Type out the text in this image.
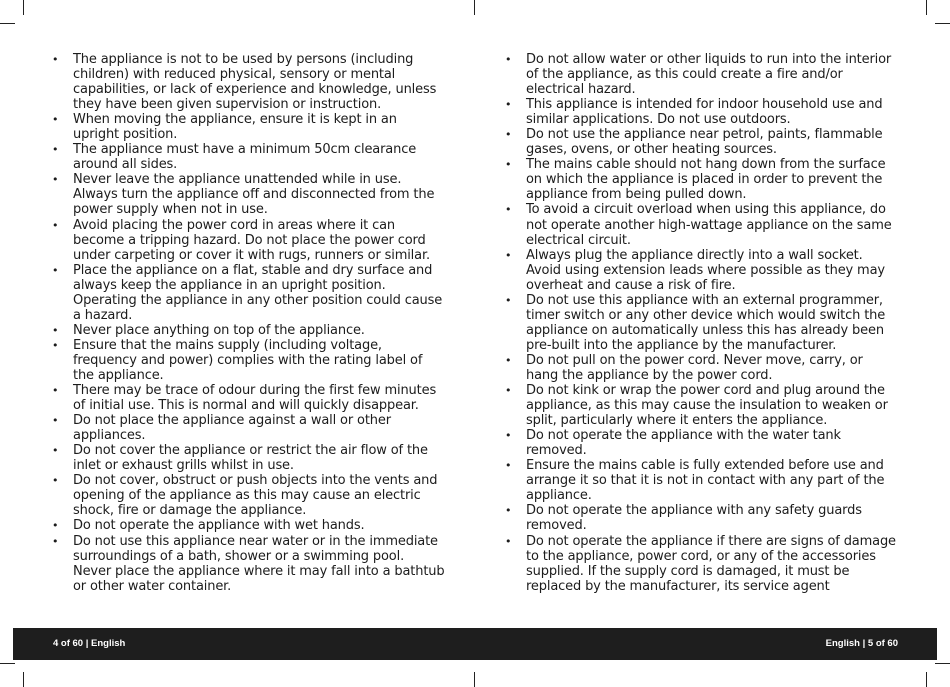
• The appliance is not to be used by persons (including children) with reduced physical, sensory or mental capabilities, or lack of experience and knowledge, unless they have been given supervision or instruction.
• When moving the appliance, ensure it is kept in an upright position.
• The appliance must have a minimum 50cm clearance around all sides.
• Never leave the appliance unattended while in use. Always turn the appliance off and disconnected from the power supply when not in use.
• Avoid placing the power cord in areas where it can become a tripping hazard. Do not place the power cord under carpeting or cover it with rugs, runners or similar.
• Place the appliance on a flat, stable and dry surface and always keep the appliance in an upright position. Operating the appliance in any other position could cause a hazard.
• Never place anything on top of the appliance.
• Ensure that the mains supply (including voltage, frequency and power) complies with the rating label of the appliance.
• There may be trace of odour during the first few minutes of initial use. This is normal and will quickly disappear.
• Do not place the appliance against a wall or other appliances.
• Do not cover the appliance or restrict the air flow of the inlet or exhaust grills whilst in use.
• Do not cover, obstruct or push objects into the vents and opening of the appliance as this may cause an electric shock, fire or damage the appliance.
• Do not operate the appliance with wet hands.
• Do not use this appliance near water or in the immediate surroundings of a bath, shower or a swimming pool. Never place the appliance where it may fall into a bathtub or other water container.
• Do not allow water or other liquids to run into the interior of the appliance, as this could create a fire and/or electrical hazard.
• This appliance is intended for indoor household use and similar applications. Do not use outdoors.
• Do not use the appliance near petrol, paints, flammable gases, ovens, or other heating sources.
• The mains cable should not hang down from the surface on which the appliance is placed in order to prevent the appliance from being pulled down.
• To avoid a circuit overload when using this appliance, do not operate another high-wattage appliance on the same electrical circuit.
• Always plug the appliance directly into a wall socket. Avoid using extension leads where possible as they may overheat and cause a risk of fire.
• Do not use this appliance with an external programmer, timer switch or any other device which would switch the appliance on automatically unless this has already been pre-built into the appliance by the manufacturer.
• Do not pull on the power cord. Never move, carry, or hang the appliance by the power cord.
• Do not kink or wrap the power cord and plug around the appliance, as this may cause the insulation to weaken or split, particularly where it enters the appliance.
• Do not operate the appliance with the water tank removed.
• Ensure the mains cable is fully extended before use and arrange it so that it is not in contact with any part of the appliance.
• Do not operate the appliance with any safety guards removed.
• Do not operate the appliance if there are signs of damage to the appliance, power cord, or any of the accessories supplied. If the supply cord is damaged, it must be replaced by the manufacturer, its service agent
4 of 60 | English	English | 5 of 60
